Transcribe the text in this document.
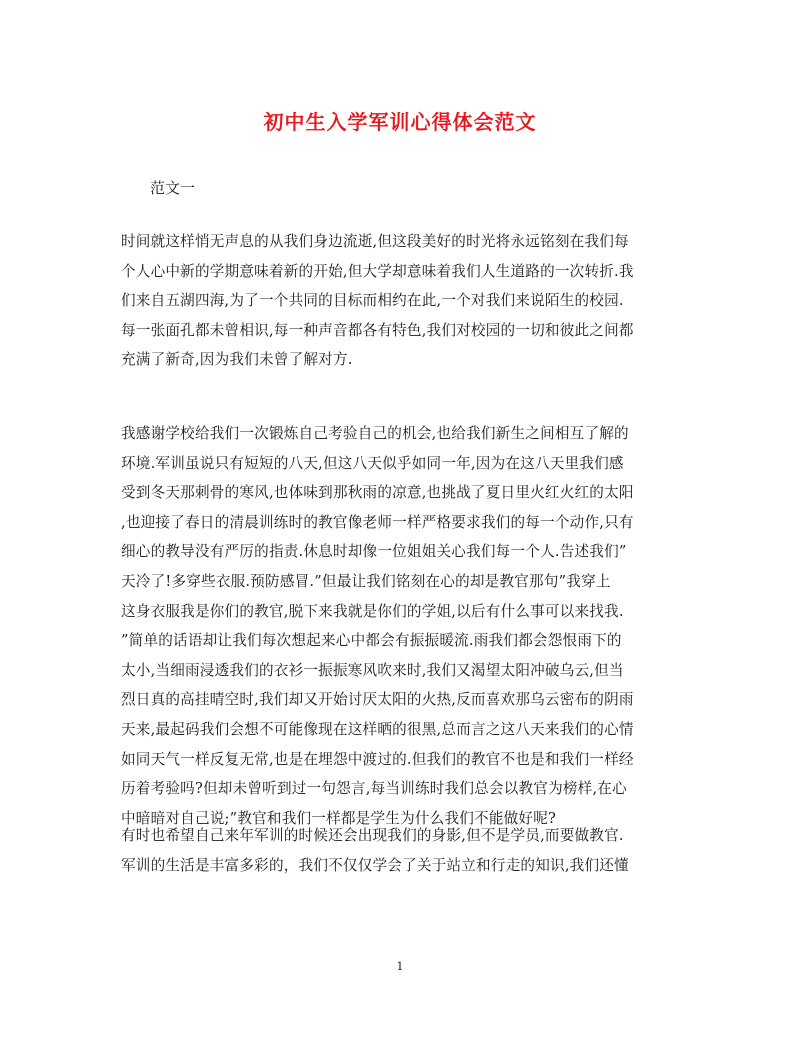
初中生入学军训心得体会范文
范文一
时间就这样悄无声息的从我们身边流逝,但这段美好的时光将永远铭刻在我们每
个人心中新的学期意味着新的开始,但大学却意味着我们人生道路的一次转折.我
们来自五湖四海,为了一个共同的目标而相约在此,一个对我们来说陌生的校园.
每一张面孔都未曾相识,每一种声音都各有特色,我们对校园的一切和彼此之间都
充满了新奇,因为我们未曾了解对方.
我感谢学校给我们一次锻炼自己考验自己的机会,也给我们新生之间相互了解的
环境.军训虽说只有短短的八天,但这八天似乎如同一年,因为在这八天里我们感
受到冬天那刺骨的寒风,也体味到那秋雨的凉意,也挑战了夏日里火红火红的太阳
,也迎接了春日的清晨训练时的教官像老师一样严格要求我们的每一个动作,只有
细心的教导没有严厉的指责.休息时却像一位姐姐关心我们每一个人.告述我们”
天冷了!多穿些衣服.预防感冒.”但最让我们铭刻在心的却是教官那句”我穿上
这身衣服我是你们的教官,脱下来我就是你们的学姐,以后有什么事可以来找我.
”简单的话语却让我们每次想起来心中都会有振振暖流.雨我们都会怨恨雨下的
太小,当细雨浸透我们的衣衫一振振寒风吹来时,我们又渴望太阳冲破乌云,但当
烈日真的高挂晴空时,我们却又开始讨厌太阳的火热,反而喜欢那乌云密布的阴雨
天来,最起码我们会想不可能像现在这样晒的很黑,总而言之这八天来我们的心情
如同天气一样反复无常,也是在埋怨中渡过的.但我们的教官不也是和我们一样经
历着考验吗?但却未曾听到过一句怨言,每当训练时我们总会以教官为榜样,在心
中暗暗对自己说;”教官和我们一样都是学生为什么我们不能做好呢?
有时也希望自己来年军训的时候还会出现我们的身影,但不是学员,而要做教官.
军训的生活是丰富多彩的，我们不仅仅学会了关于站立和行走的知识,我们还懂
1
